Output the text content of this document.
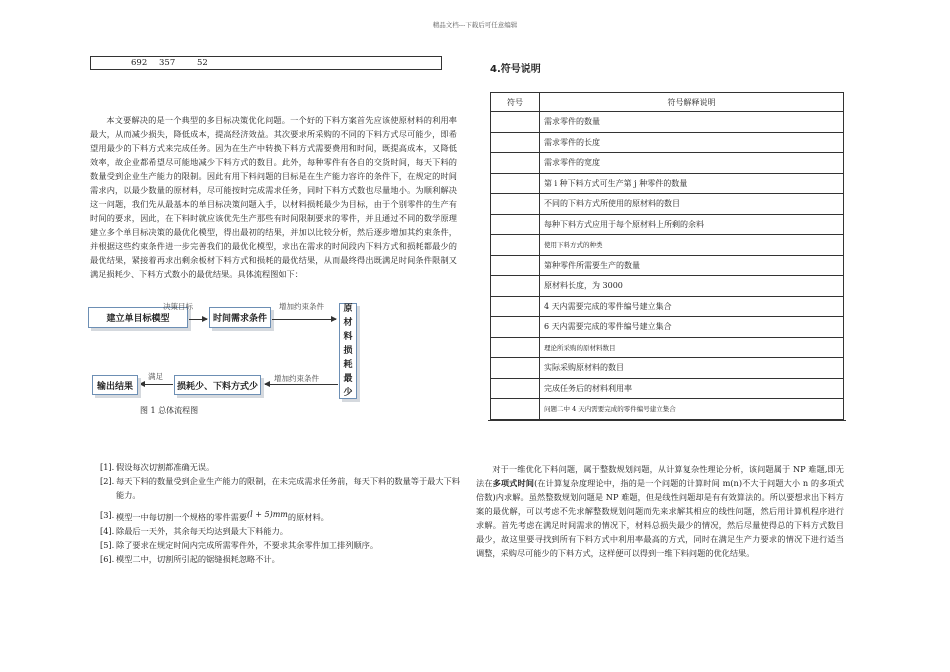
精品文档---下载后可任意编辑
692 357	52

本文要解决的是一个典型的多目标决策优化问题。一个好的下料方案首先应该使原材料的利用率最大，从而减少损失，降低成本，提高经济效益。其次要求所采购的不同的下料方式尽可能少，即希望用最少的下料方式来完成任务。因为在生产中转换下料方式需要费用和时间，既提高成本，又降低效率，故企业都希望尽可能地减少下料方式的数目。此外，每种零件有各自的交货时间，每天下料的数量受到企业生产能力的限制。因此有用下料问题的目标是在生产能力容许的条件下，在规定的时间需求内，以最少数量的原材料，尽可能按时完成需求任务，同时下料方式数也尽量地小。为顺利解决这一问题，我们先从最基本的单目标决策问题入手，以材料损耗最少为目标，由于个别零件的生产有时间的要求，因此，在下料时就应该优先生产那些有时间限制要求的零件，并且通过不同的数学原理建立多个单目标决策的最优化模型，得出最初的结果，并加以比较分析，然后逐步增加其约束条件，并根据这些约束条件进一步完善我们的最优化模型，求出在需求的时间段内下料方式和损耗都最少的最优结果，紧接着再求出剩余板材下料方式和损耗的最优结果，从而最终得出既满足时间条件限制又满足损耗少、下料方式数小的最优结果。具体流程图如下：

建立单目标模型
决策目标
时间需求条件
增加约束条件 原
材
料
损
耗
最
少
增加约束条件
损耗少、下料方式少
满足
输出结果
图 1 总体流程图
[1]. 假设每次切割都准确无误。
[2]. 每天下料的数量受到企业生产能力的限制，在未完成需求任务前，每天下料的数量等于最大下料能力。
[3]. 模型一中每切割一个规格的零件需要(l + 5)mm的原材料。
[4]. 除最后一天外，其余每天均达到最大下料能力。
[5]. 除了要求在规定时间内完成所需零件外，不要求其余零件加工排列顺序。
[6]. 模型二中，切割所引起的锯缝损耗忽略不计。
4.符号说明
符号	符号解释说明
	需求零件的数量
	需求零件的长度
	需求零件的宽度
	第 i 种下料方式可生产第 j 种零件的数量
	不同的下料方式所使用的原材料的数目
	每种下料方式应用于每个原材料上所剩的余料
	使用下料方式的种类
	第种零件所需要生产的数量
	原材料长度，为 3000
	4 天内需要完成的零件编号建立集合
	6 天内需要完成的零件编号建立集合
	理论所采购的原材料数目
	实际采购原材料的数目
	完成任务后的材料利用率
	问题二中 4 天内需要完成的零件编号建立集合

对于一维优化下料问题，属于整数规划问题，从计算复杂性理论分析，该问题属于 NP 难题,即无法在多项式时间(在计算复杂度理论中，指的是一个问题的计算时间 m(n)不大于问题大小 n 的多项式倍数)内求解。虽然整数规划问题是 NP 难题，但是线性问题却是有有效算法的。所以要想求出下料方案的最优解，可以考虑不先求解整数规划问题而先来求解其相应的线性问题，然后用计算机程序进行求解。首先考虑在满足时间需求的情况下，材料总损失最少的情况，然后尽量使得总的下料方式数目最少，故这里要寻找到所有下料方式中利用率最高的方式，同时在满足生产力要求的情况下进行适当调整，采购尽可能少的下料方式，这样便可以得到一维下料问题的优化结果。
